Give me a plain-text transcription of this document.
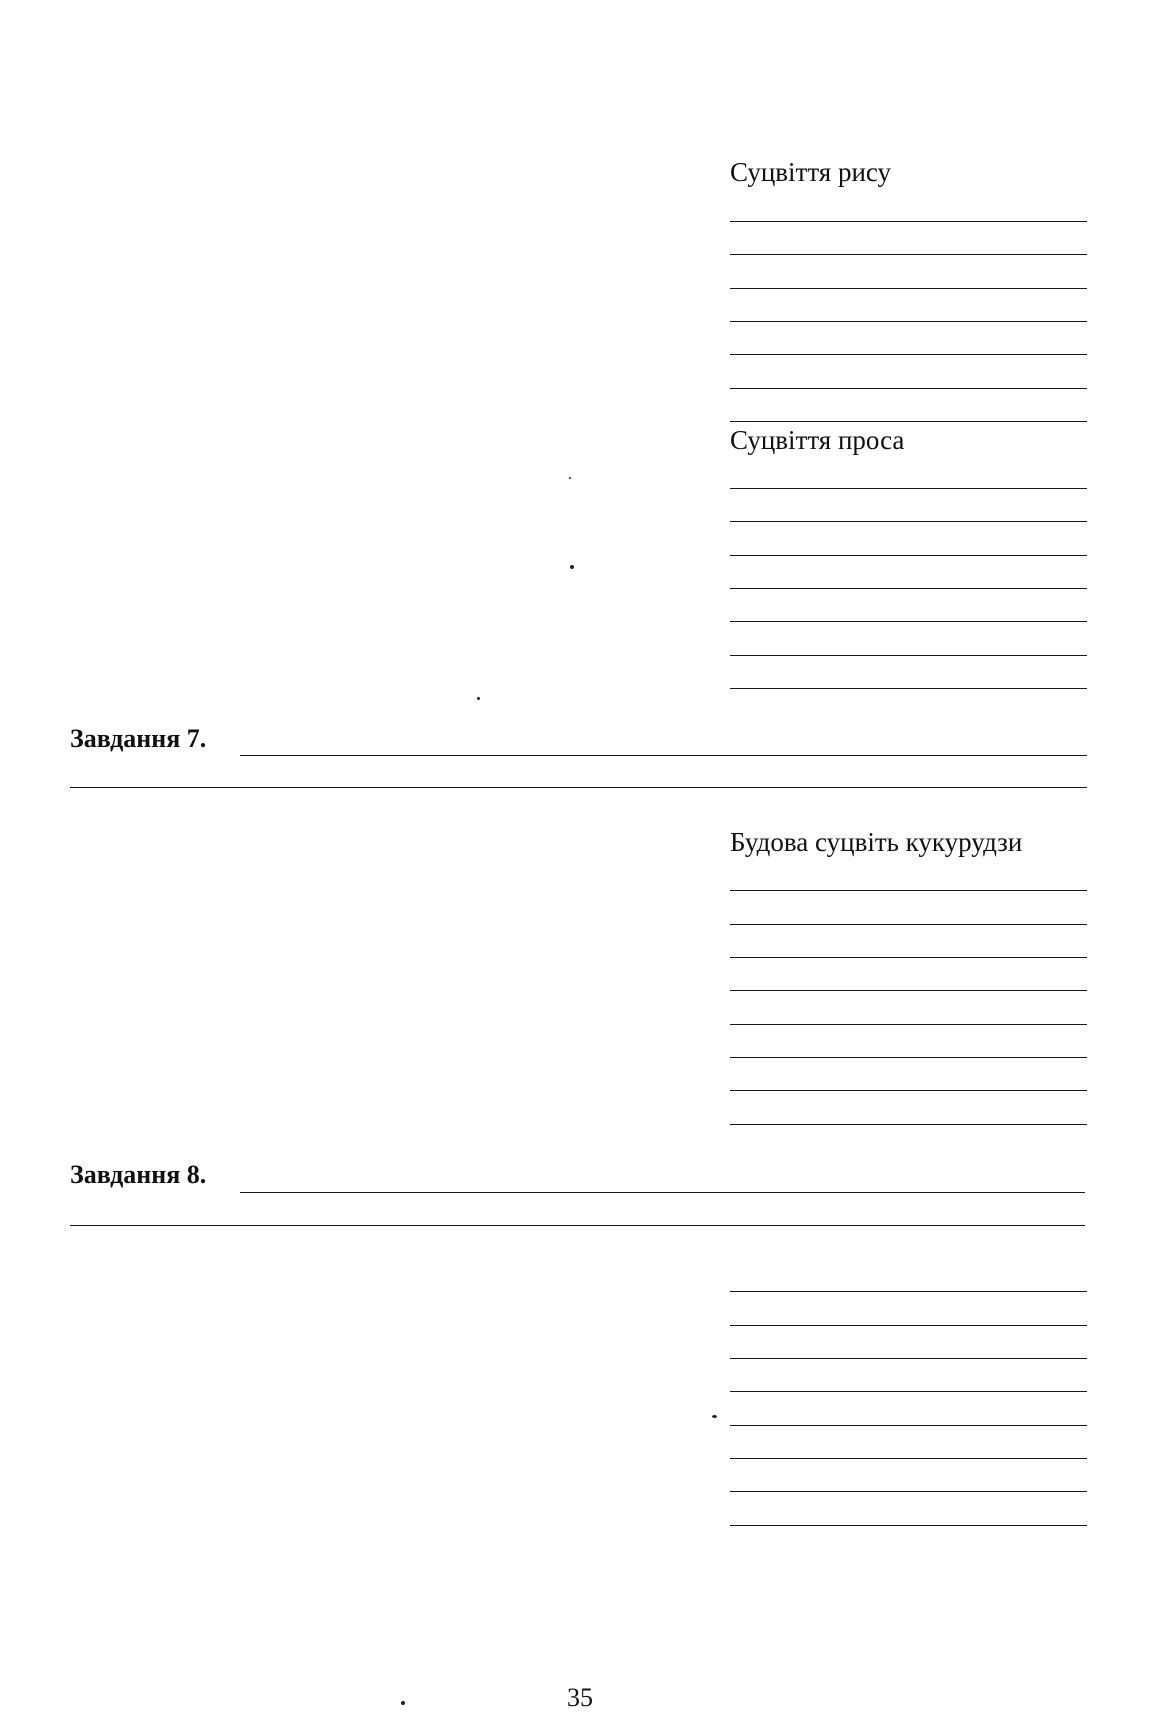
Суцвіття рису
Суцвіття проса
Завдання 7.
Будова суцвіть кукурудзи
Завдання 8.
35
